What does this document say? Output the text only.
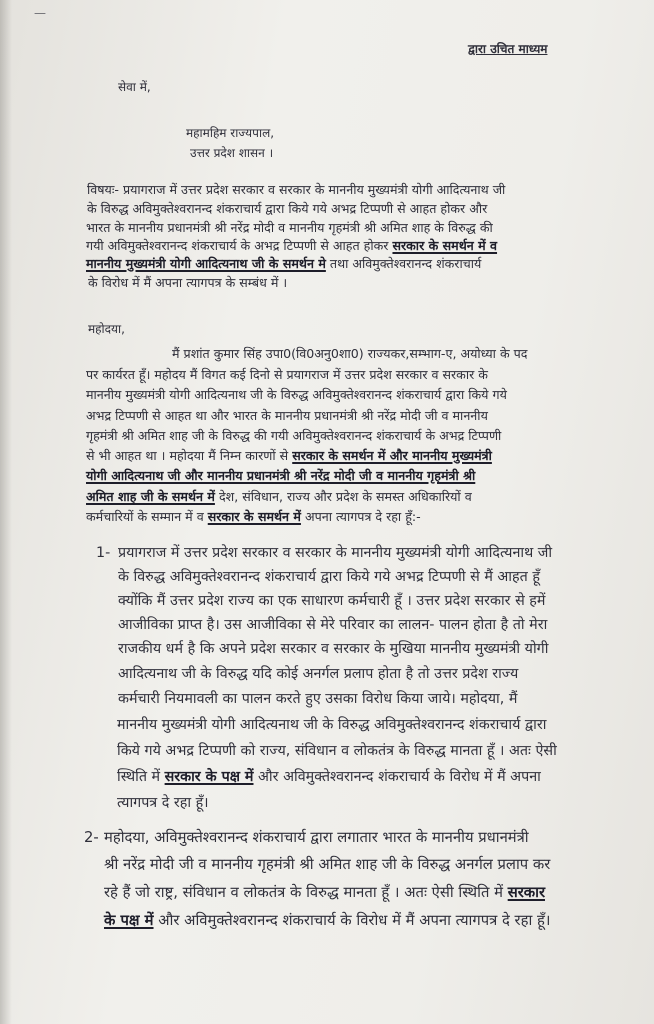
—
द्वारा उचित माध्यम
सेवा में,
महामहिम राज्यपाल,
उत्तर प्रदेश शासन ।
विषयः- प्रयागराज में उत्तर प्रदेश सरकार व सरकार के माननीय मुख्यमंत्री योगी आदित्यनाथ जी
के विरुद्ध अविमुक्तेश्वरानन्द शंकराचार्य द्वारा किये गये अभद्र टिप्पणी से आहत होकर और
भारत के माननीय प्रधानमंत्री श्री नरेंद्र मोदी व माननीय गृहमंत्री श्री अमित शाह के विरुद्ध की
गयी अविमुक्तेश्वरानन्द शंकराचार्य के अभद्र टिप्पणी से आहत होकर सरकार के समर्थन में व
माननीय मुख्यमंत्री योगी आदित्यनाथ जी के समर्थन मे तथा अविमुक्तेश्वरानन्द शंकराचार्य
के विरोध में मैं अपना त्यागपत्र के सम्बंध में ।
महोदया,
मैं प्रशांत कुमार सिंह उपा0(वि0अनु0शा0) राज्यकर,सम्भाग-ए, अयोध्या के पद
पर कार्यरत हूँ। महोदय मैं विगत कई दिनो से प्रयागराज में उत्तर प्रदेश सरकार व सरकार के
माननीय मुख्यमंत्री योगी आदित्यनाथ जी के विरुद्ध अविमुक्तेश्वरानन्द शंकराचार्य द्वारा किये गये
अभद्र टिप्पणी से आहत था और भारत के माननीय प्रधानमंत्री श्री नरेंद्र मोदी जी व माननीय
गृहमंत्री श्री अमित शाह जी के विरुद्ध की गयी अविमुक्तेश्वरानन्द शंकराचार्य के अभद्र टिप्पणी
से भी आहत था । महोदया मैं निम्न कारणों से सरकार के समर्थन में और माननीय मुख्यमंत्री
योगी आदित्यनाथ जी और माननीय प्रधानमंत्री श्री नरेंद्र मोदी जी व माननीय गृहमंत्री श्री
अमित शाह जी के समर्थन में देश, संविधान, राज्य और प्रदेश के समस्त अधिकारियों व
कर्मचारियों के सम्मान में व सरकार के समर्थन में अपना त्यागपत्र दे रहा हूँ:-
1- प्रयागराज में उत्तर प्रदेश सरकार व सरकार के माननीय मुख्यमंत्री योगी आदित्यनाथ जी
के विरुद्ध अविमुक्तेश्वरानन्द शंकराचार्य द्वारा किये गये अभद्र टिप्पणी से मैं आहत हूँ
क्योंकि मैं उत्तर प्रदेश राज्य का एक साधारण कर्मचारी हूँ । उत्तर प्रदेश सरकार से हमें
आजीविका प्राप्त है। उस आजीविका से मेरे परिवार का लालन- पालन होता है तो मेरा
राजकीय धर्म है कि अपने प्रदेश सरकार व सरकार के मुखिया माननीय मुख्यमंत्री योगी
आदित्यनाथ जी के विरुद्ध यदि कोई अनर्गल प्रलाप होता है तो उत्तर प्रदेश राज्य
कर्मचारी नियमावली का पालन करते हुए उसका विरोध किया जाये। महोदया, मैं
माननीय मुख्यमंत्री योगी आदित्यनाथ जी के विरुद्ध अविमुक्तेश्वरानन्द शंकराचार्य द्वारा
किये गये अभद्र टिप्पणी को राज्य, संविधान व लोकतंत्र के विरुद्ध मानता हूँ । अतः ऐसी
स्थिति में सरकार के पक्ष में और अविमुक्तेश्वरानन्द शंकराचार्य के विरोध में मैं अपना
त्यागपत्र दे रहा हूँ।
2- महोदया, अविमुक्तेश्वरानन्द शंकराचार्य द्वारा लगातार भारत के माननीय प्रधानमंत्री
श्री नरेंद्र मोदी जी व माननीय गृहमंत्री श्री अमित शाह जी के विरुद्ध अनर्गल प्रलाप कर
रहे हैं जो राष्ट्र, संविधान व लोकतंत्र के विरुद्ध मानता हूँ । अतः ऐसी स्थिति में सरकार
के पक्ष में और अविमुक्तेश्वरानन्द शंकराचार्य के विरोध में मैं अपना त्यागपत्र दे रहा हूँ।
